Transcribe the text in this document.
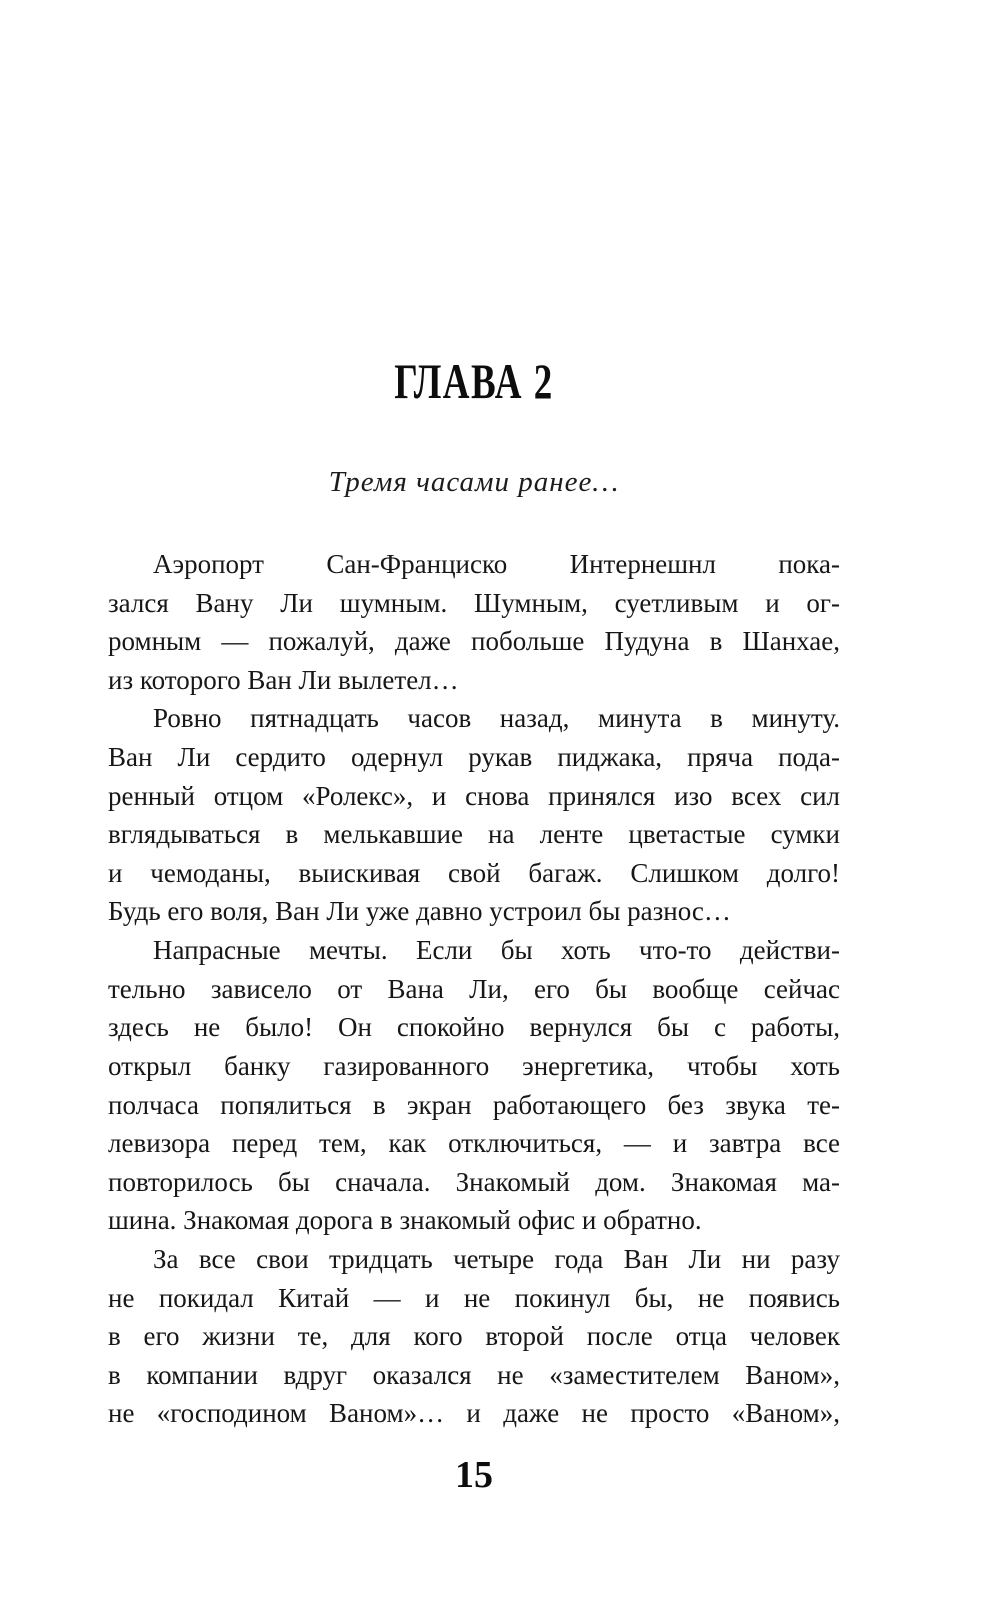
ГЛАВА 2
Тремя часами ранее…
Аэропорт Сан-Франциско Интернешнл пока-
зался Вану Ли шумным. Шумным, суетливым и ог-
ромным — пожалуй, даже побольше Пудуна в Шанхае,
из которого Ван Ли вылетел…
Ровно пятнадцать часов назад, минута в минуту.
Ван Ли сердито одернул рукав пиджака, пряча пода-
ренный отцом «Ролекс», и снова принялся изо всех сил
вглядываться в мелькавшие на ленте цветастые сумки
и чемоданы, выискивая свой багаж. Слишком долго!
Будь его воля, Ван Ли уже давно устроил бы разнос…
Напрасные мечты. Если бы хоть что-то действи-
тельно зависело от Вана Ли, его бы вообще сейчас
здесь не было! Он спокойно вернулся бы с работы,
открыл банку газированного энергетика, чтобы хоть
полчаса попялиться в экран работающего без звука те-
левизора перед тем, как отключиться, — и завтра все
повторилось бы сначала. Знакомый дом. Знакомая ма-
шина. Знакомая дорога в знакомый офис и обратно.
За все свои тридцать четыре года Ван Ли ни разу
не покидал Китай — и не покинул бы, не появись
в его жизни те, для кого второй после отца человек
в компании вдруг оказался не «заместителем Ваном»,
не «господином Ваном»… и даже не просто «Ваном»,
15
